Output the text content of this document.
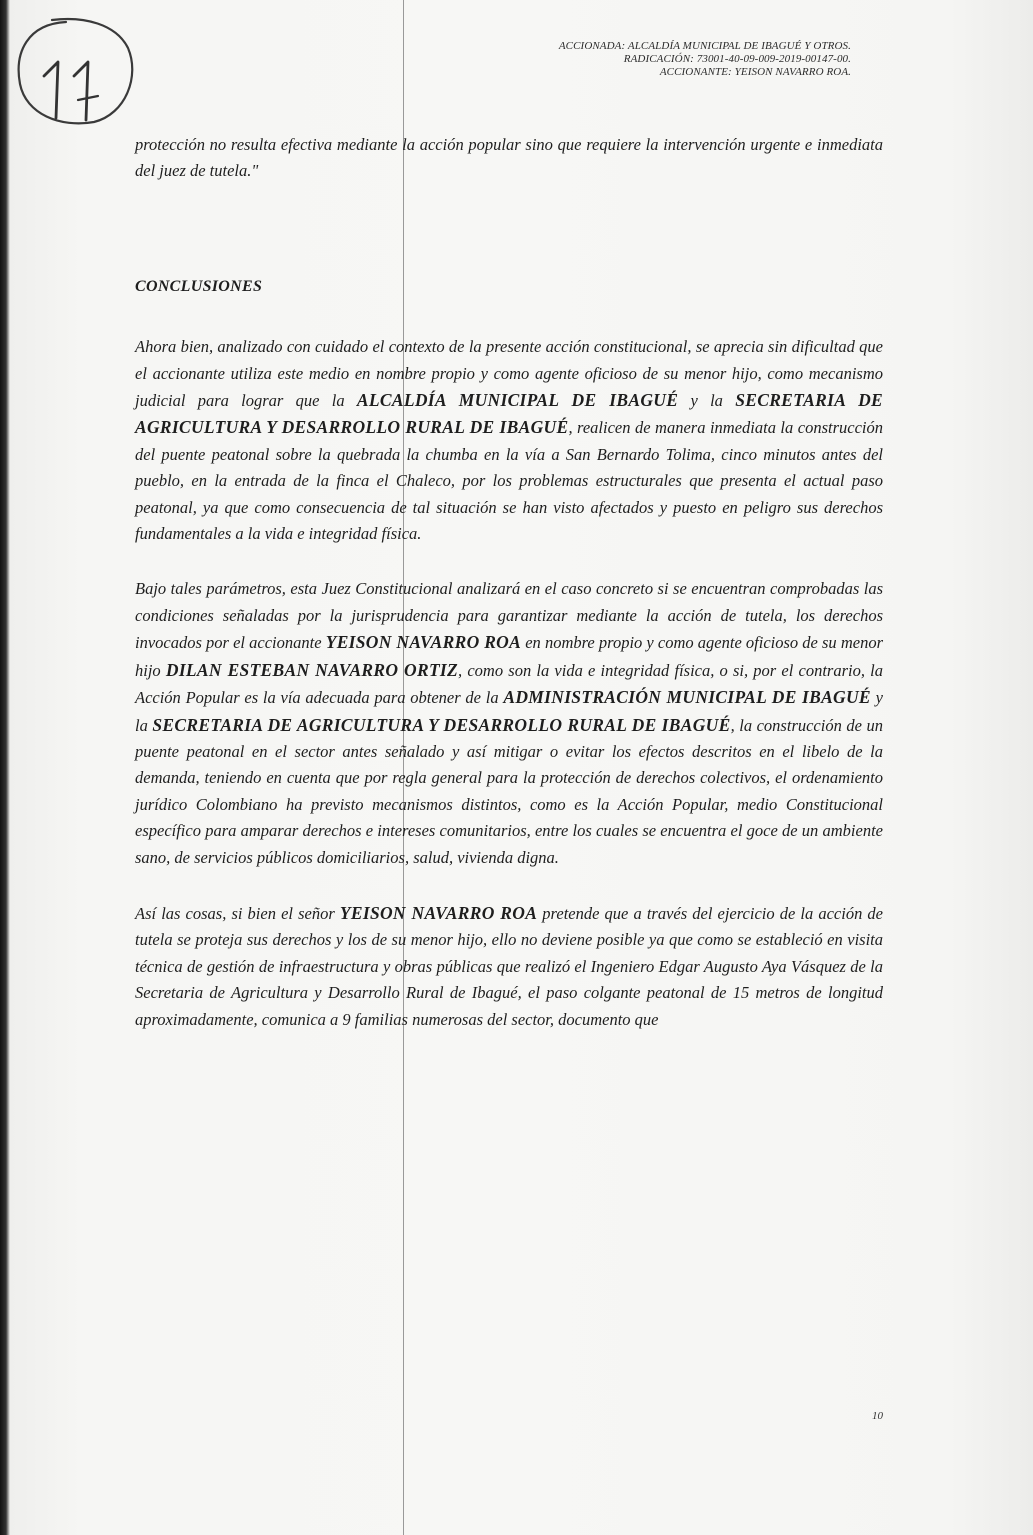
ACCIONADA: ALCALDÍA MUNICIPAL DE IBAGUÉ Y OTROS.
RADICACIÓN: 73001-40-09-009-2019-00147-00.
ACCIONANTE: YEISON NAVARRO ROA.

protección no resulta efectiva mediante la acción popular sino que requiere la intervención urgente e inmediata del juez de tutela."

CONCLUSIONES

Ahora bien, analizado con cuidado el contexto de la presente acción constitucional, se aprecia sin dificultad que el accionante utiliza este medio en nombre propio y como agente oficioso de su menor hijo, como mecanismo judicial para lograr que la ALCALDÍA MUNICIPAL DE IBAGUÉ y la SECRETARIA DE AGRICULTURA Y DESARROLLO RURAL DE IBAGUÉ, realicen de manera inmediata la construcción del puente peatonal sobre la quebrada la chumba en la vía a San Bernardo Tolima, cinco minutos antes del pueblo, en la entrada de la finca el Chaleco, por los problemas estructurales que presenta el actual paso peatonal, ya que como consecuencia de tal situación se han visto afectados y puesto en peligro sus derechos fundamentales a la vida e integridad física.

Bajo tales parámetros, esta Juez Constitucional analizará en el caso concreto si se encuentran comprobadas las condiciones señaladas por la jurisprudencia para garantizar mediante la acción de tutela, los derechos invocados por el accionante YEISON NAVARRO ROA en nombre propio y como agente oficioso de su menor hijo DILAN ESTEBAN NAVARRO ORTIZ, como son la vida e integridad física, o si, por el contrario, la Acción Popular es la vía adecuada para obtener de la ADMINISTRACIÓN MUNICIPAL DE IBAGUÉ y la SECRETARIA DE AGRICULTURA Y DESARROLLO RURAL DE IBAGUÉ, la construcción de un puente peatonal en el sector antes señalado y así mitigar o evitar los efectos descritos en el libelo de la demanda, teniendo en cuenta que por regla general para la protección de derechos colectivos, el ordenamiento jurídico Colombiano ha previsto mecanismos distintos, como es la Acción Popular, medio Constitucional específico para amparar derechos e intereses comunitarios, entre los cuales se encuentra el goce de un ambiente sano, de servicios públicos domiciliarios, salud, vivienda digna.

Así las cosas, si bien el señor YEISON NAVARRO ROA pretende que a través del ejercicio de la acción de tutela se proteja sus derechos y los de su menor hijo, ello no deviene posible ya que como se estableció en visita técnica de gestión de infraestructura y obras públicas que realizó el Ingeniero Edgar Augusto Aya Vásquez de la Secretaria de Agricultura y Desarrollo Rural de Ibagué, el paso colgante peatonal de 15 metros de longitud aproximadamente, comunica a 9 familias numerosas del sector, documento que

10
